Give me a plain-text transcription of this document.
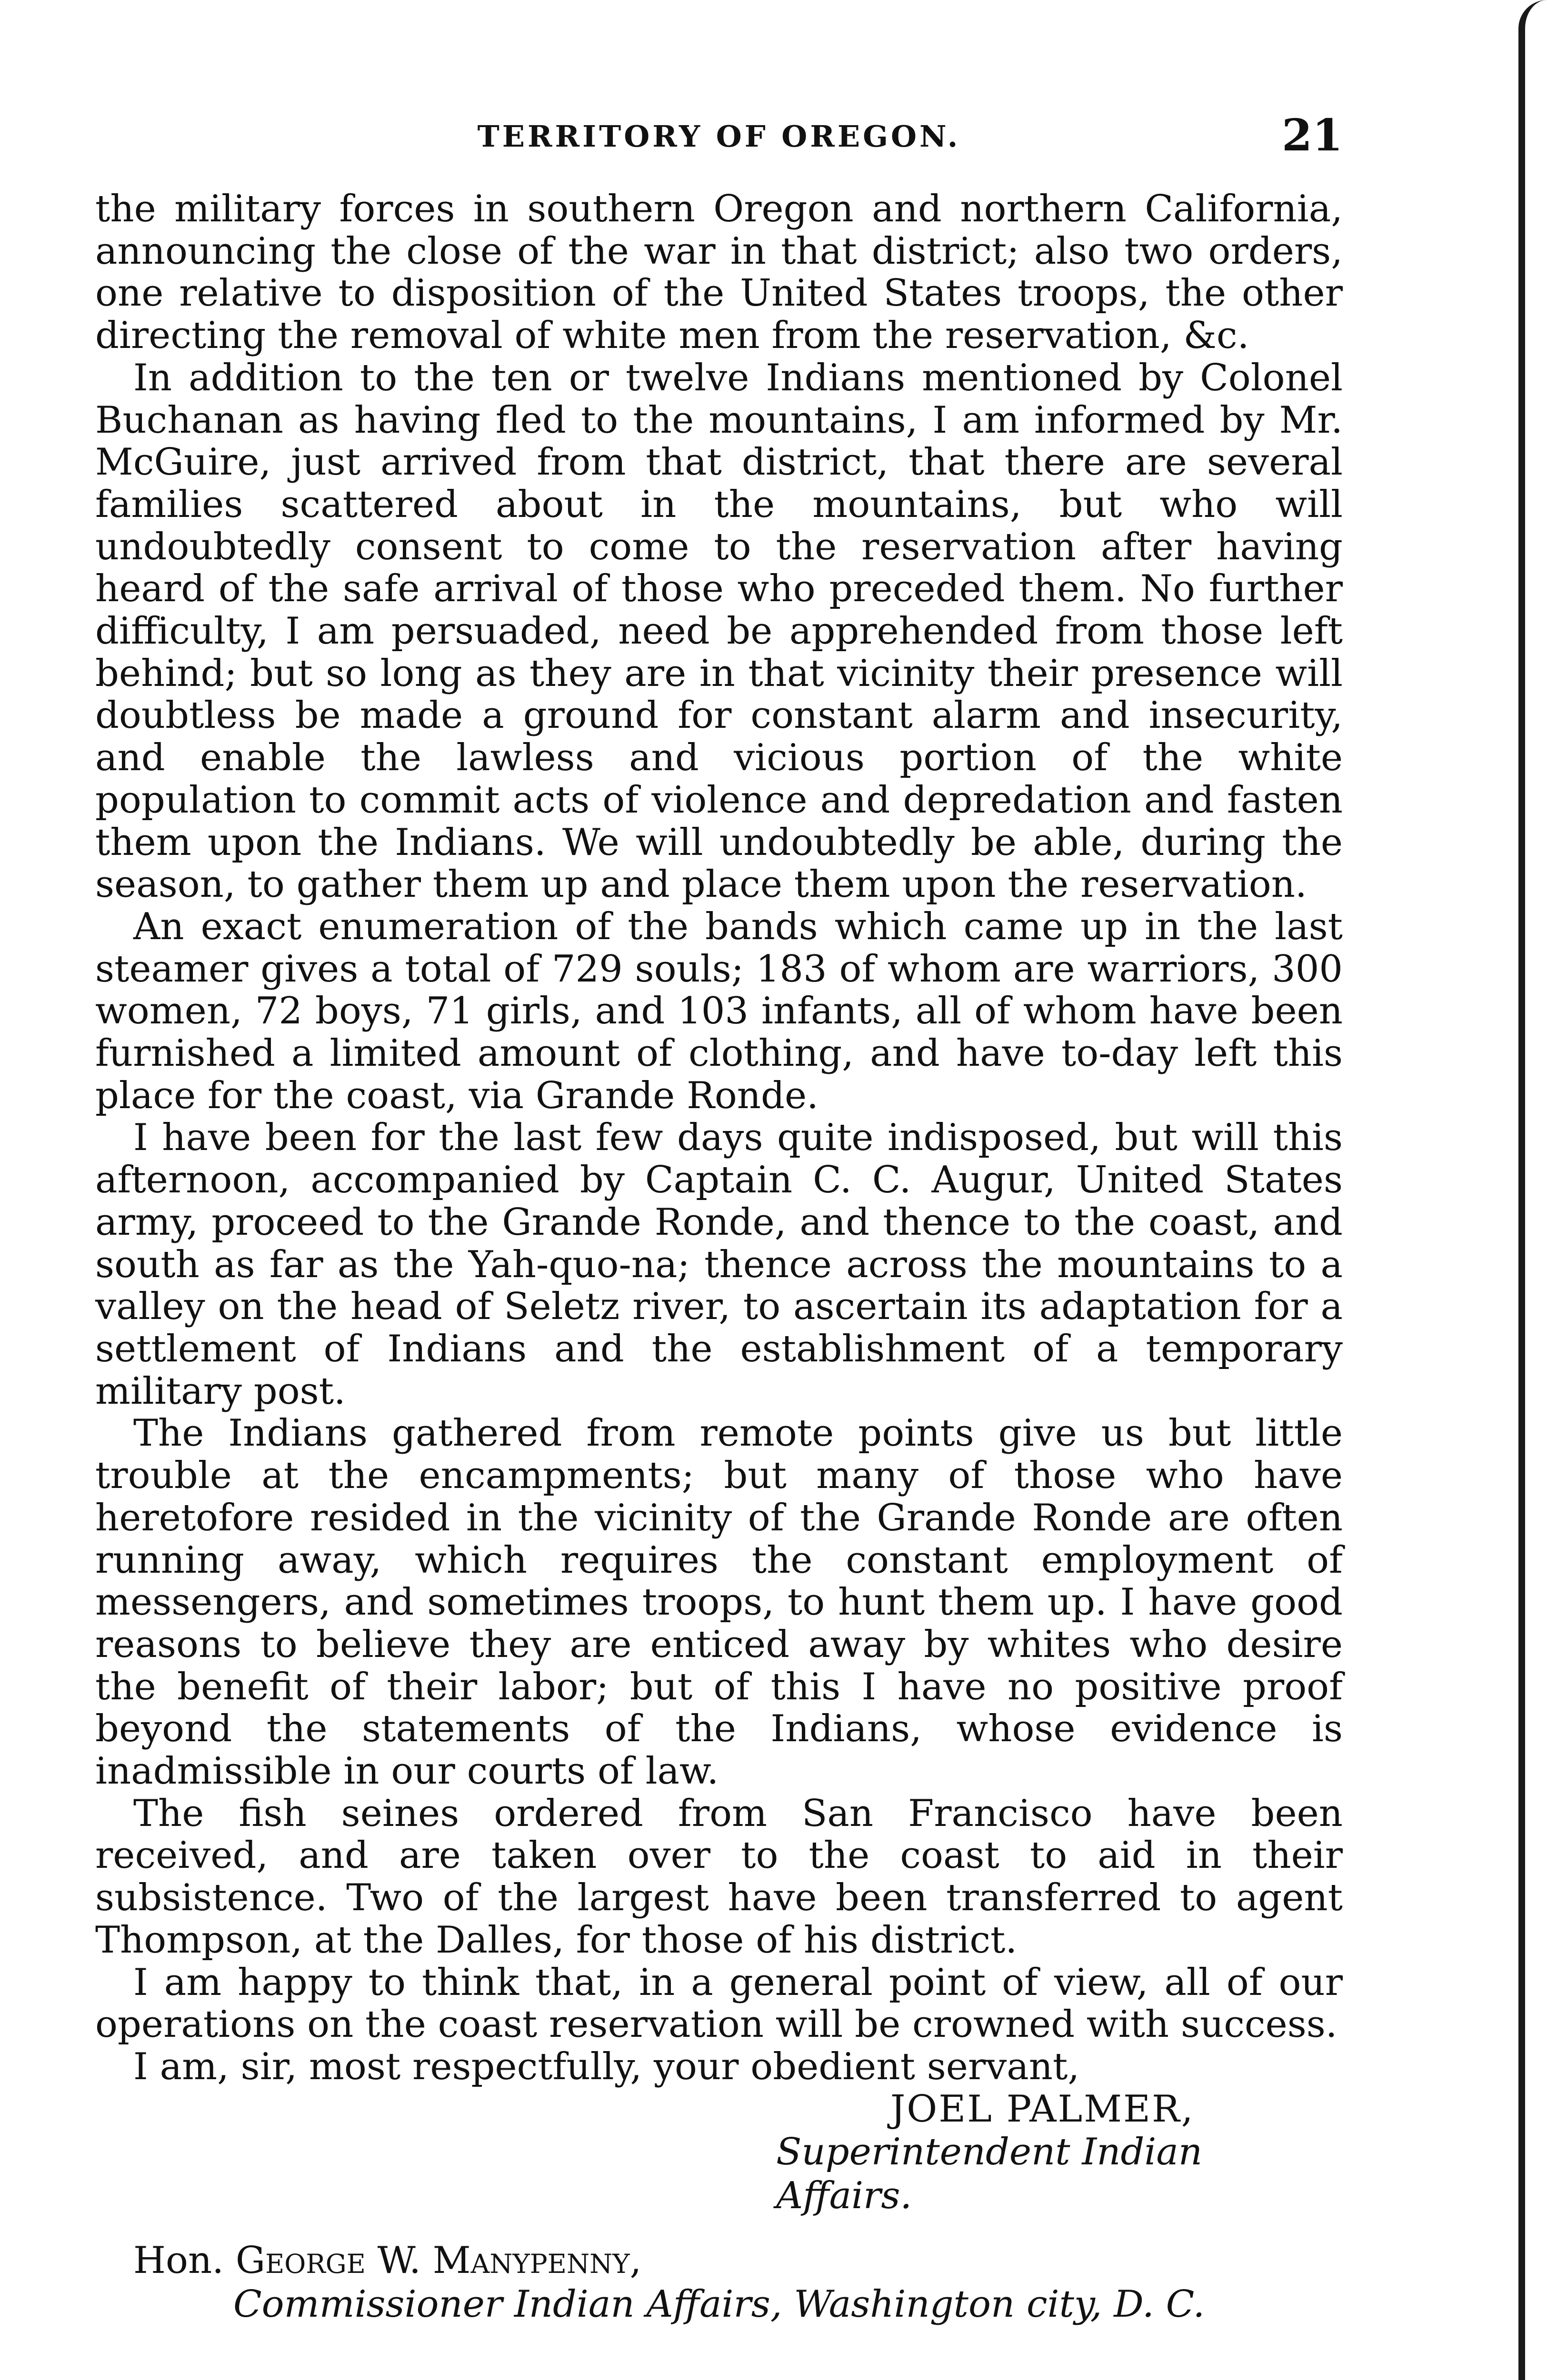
TERRITORY OF OREGON.	21

the military forces in southern Oregon and northern California, announcing the close of the war in that district; also two orders, one relative to disposition of the United States troops, the other directing the removal of white men from the reservation, &c.

In addition to the ten or twelve Indians mentioned by Colonel Buchanan as having fled to the mountains, I am informed by Mr. McGuire, just arrived from that district, that there are several families scattered about in the mountains, but who will undoubtedly consent to come to the reservation after having heard of the safe arrival of those who preceded them. No further difficulty, I am persuaded, need be apprehended from those left behind; but so long as they are in that vicinity their presence will doubtless be made a ground for constant alarm and insecurity, and enable the lawless and vicious portion of the white population to commit acts of violence and depredation and fasten them upon the Indians. We will undoubtedly be able, during the season, to gather them up and place them upon the reservation.

An exact enumeration of the bands which came up in the last steamer gives a total of 729 souls; 183 of whom are warriors, 300 women, 72 boys, 71 girls, and 103 infants, all of whom have been furnished a limited amount of clothing, and have to-day left this place for the coast, via Grande Ronde.

I have been for the last few days quite indisposed, but will this afternoon, accompanied by Captain C. C. Augur, United States army, proceed to the Grande Ronde, and thence to the coast, and south as far as the Yah-quo-na; thence across the mountains to a valley on the head of Seletz river, to ascertain its adaptation for a settlement of Indians and the establishment of a temporary military post.

The Indians gathered from remote points give us but little trouble at the encampments; but many of those who have heretofore resided in the vicinity of the Grande Ronde are often running away, which requires the constant employment of messengers, and sometimes troops, to hunt them up. I have good reasons to believe they are enticed away by whites who desire the benefit of their labor; but of this I have no positive proof beyond the statements of the Indians, whose evidence is inadmissible in our courts of law.

The fish seines ordered from San Francisco have been received, and are taken over to the coast to aid in their subsistence. Two of the largest have been transferred to agent Thompson, at the Dalles, for those of his district.

I am happy to think that, in a general point of view, all of our operations on the coast reservation will be crowned with success.

I am, sir, most respectfully, your obedient servant,
JOEL PALMER,
Superintendent Indian Affairs.
Hon. George W. Manypenny,
Commissioner Indian Affairs, Washington city, D. C.
